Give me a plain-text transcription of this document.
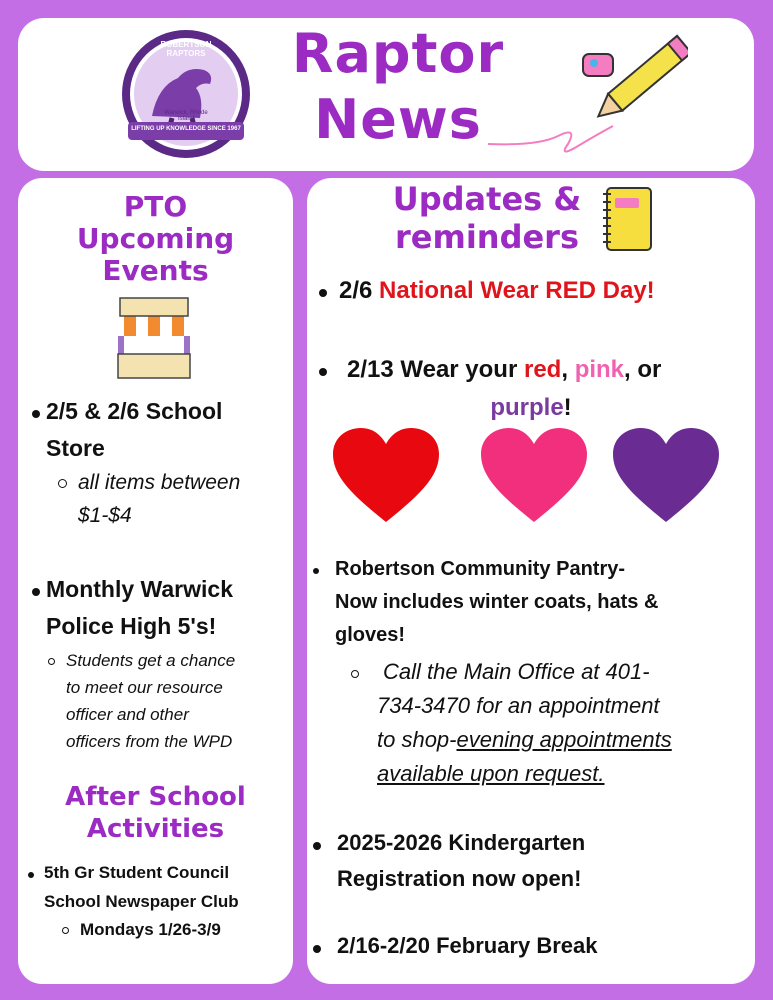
ROBERTSON RAPTORS
Warwick, Rhode Island
LIFTING UP KNOWLEDGE SINCE 1967
Raptor
News
PTO
Upcoming
Events
2/5 & 2/6 School
Store
all items between
$1-$4
Monthly Warwick
Police High 5's!
Students get a chance
to meet our resource
officer and other
officers from the WPD
After School
Activities
5th Gr Student Council
School Newspaper Club
Mondays 1/26-3/9
Updates &
reminders
2/6 National Wear RED Day!
2/13 Wear your red, pink, or
purple!
Robertson Community Pantry-
Now includes winter coats, hats &
gloves!
Call the Main Office at 401-
734-3470 for an appointment
to shop-evening appointments
available upon request.
2025-2026 Kindergarten
Registration now open!
2/16-2/20 February Break
